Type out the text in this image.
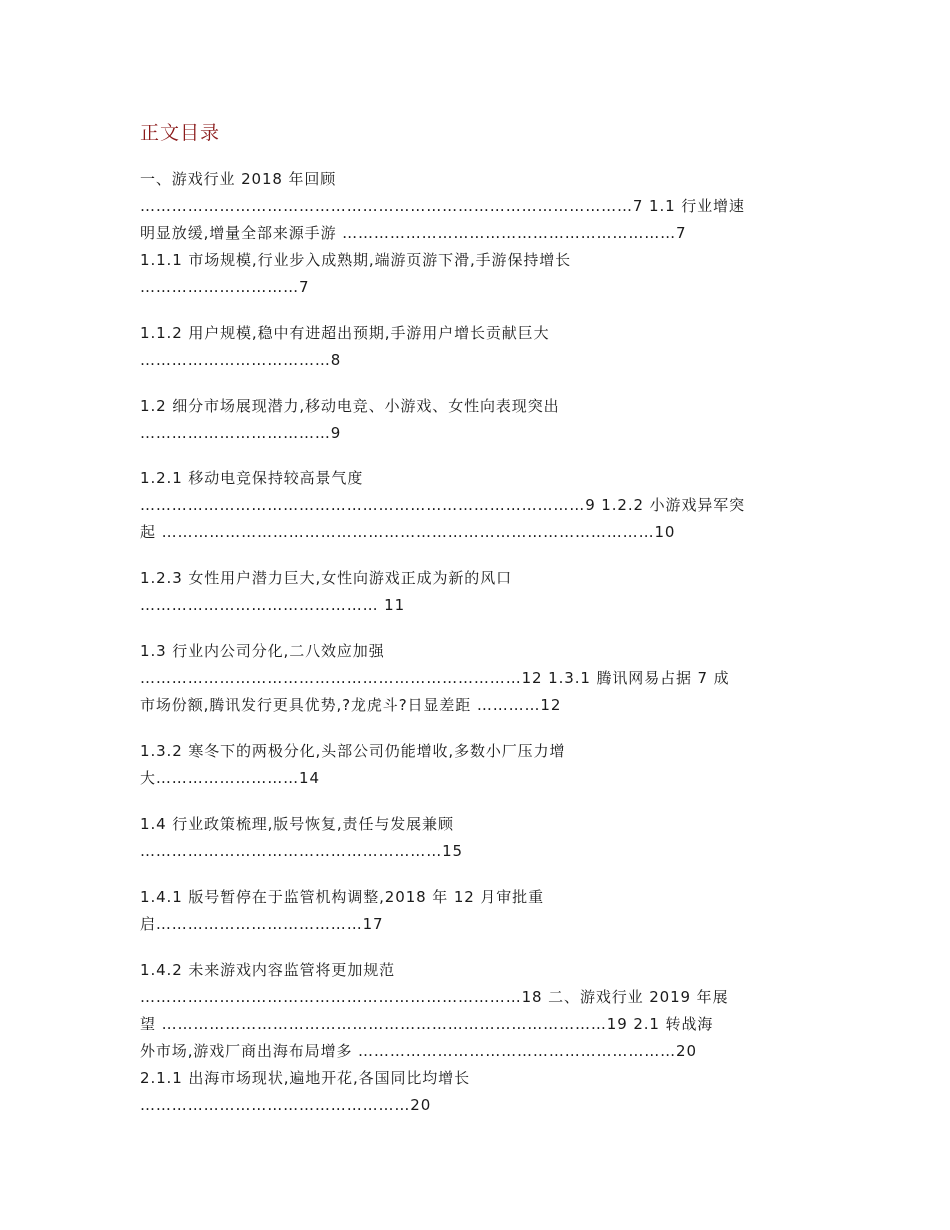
正文目录
一、游戏行业 2018 年回顾
…………………………………………………………………………………7 1.1 行业增速
明显放缓,增量全部来源手游 ………………………………………………………7
1.1.1 市场规模,行业步入成熟期,端游页游下滑,手游保持增长
…………………………7
1.1.2 用户规模,稳中有进超出预期,手游用户增长贡献巨大
………………………………8
1.2 细分市场展现潜力,移动电竞、小游戏、女性向表现突出
………………………………9
1.2.1 移动电竞保持较高景气度
…………………………………………………………………………9 1.2.2 小游戏异军突
起 …………………………………………………………………………………10
1.2.3 女性用户潜力巨大,女性向游戏正成为新的风口
……………………………………… 11
1.3 行业内公司分化,二八效应加强
………………………………………………………………12 1.3.1 腾讯网易占据 7 成
市场份额,腾讯发行更具优势,?龙虎斗?日显差距 …………12
1.3.2 寒冬下的两极分化,头部公司仍能增收,多数小厂压力增
大………………………14
1.4 行业政策梳理,版号恢复,责任与发展兼顾
…………………………………………………15
1.4.1 版号暂停在于监管机构调整,2018 年 12 月审批重
启…………………………………17
1.4.2 未来游戏内容监管将更加规范
………………………………………………………………18 二、游戏行业 2019 年展
望 …………………………………………………………………………19 2.1 转战海
外市场,游戏厂商出海布局增多 ……………………………………………………20
2.1.1 出海市场现状,遍地开花,各国同比均增长
……………………………………………20
